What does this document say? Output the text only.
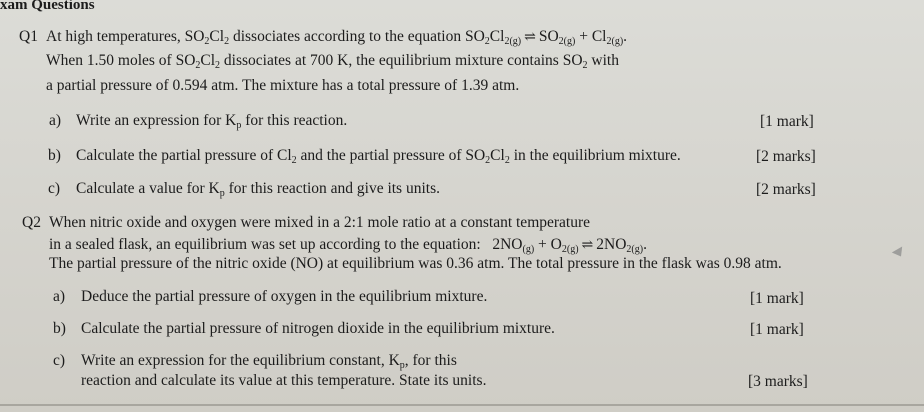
xam Questions
Q1 At high temperatures, $SO_2Cl_2$ dissociates according to the equation $SO_2Cl_{2(g)}$ ⇌ $SO_{2(g)} + Cl_{2(g)}$.
When 1.50 moles of $SO_2Cl_2$ dissociates at 700 K, the equilibrium mixture contains $SO_2$ with
a partial pressure of 0.594 atm. The mixture has a total pressure of 1.39 atm.
a) Write an expression for $K_p$ for this reaction.	[1 mark]
b) Calculate the partial pressure of $Cl_2$ and the partial pressure of $SO_2Cl_2$ in the equilibrium mixture.	[2 marks]
c) Calculate a value for $K_p$ for this reaction and give its units.	[2 marks]
Q2 When nitric oxide and oxygen were mixed in a 2:1 mole ratio at a constant temperature
in a sealed flask, an equilibrium was set up according to the equation: $2NO_{(g)} + O_{2(g)}$ ⇌ $2NO_{2(g)}$.
The partial pressure of the nitric oxide (NO) at equilibrium was 0.36 atm. The total pressure in the flask was 0.98 atm.
a) Deduce the partial pressure of oxygen in the equilibrium mixture.	[1 mark]
b) Calculate the partial pressure of nitrogen dioxide in the equilibrium mixture.	[1 mark]
c) Write an expression for the equilibrium constant, $K_p$, for this
reaction and calculate its value at this temperature. State its units.	[3 marks]
